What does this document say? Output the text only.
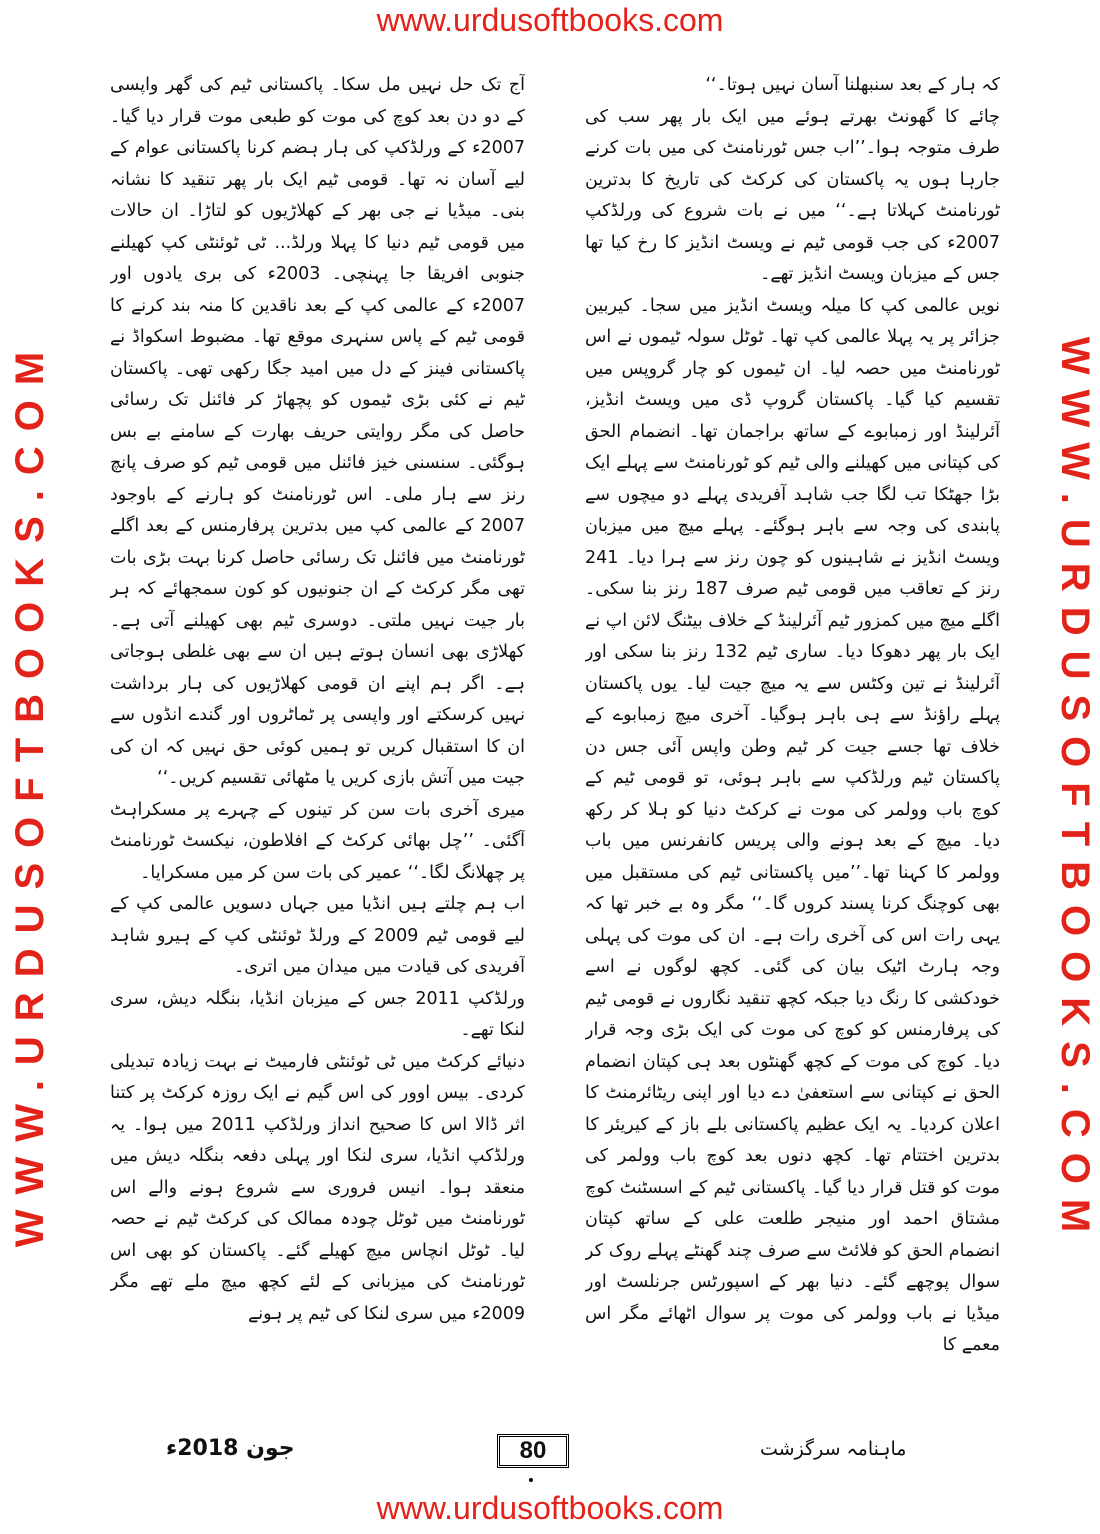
www.urdusoftbooks.com
WWW.URDUSOFTBOOKS.COM	WWW.URDUSOFTBOOKS.COM

کہ ہار کے بعد سنبھلنا آسان نہیں ہوتا۔‘‘

چائے کا گھونٹ بھرتے ہوئے میں ایک بار پھر سب کی طرف متوجہ ہوا۔’’اب جس ٹورنامنٹ کی میں بات کرنے جارہا ہوں یہ پاکستان کی کرکٹ کی تاریخ کا بدترین ٹورنامنٹ کہلاتا ہے۔‘‘ میں نے بات شروع کی ورلڈکپ 2007ء کی جب قومی ٹیم نے ویسٹ انڈیز کا رخ کیا تھا جس کے میزبان ویسٹ انڈیز تھے۔

نویں عالمی کپ کا میلہ ویسٹ انڈیز میں سجا۔ کیربین جزائر پر یہ پہلا عالمی کپ تھا۔ ٹوٹل سولہ ٹیموں نے اس ٹورنامنٹ میں حصہ لیا۔ ان ٹیموں کو چار گروپس میں تقسیم کیا گیا۔ پاکستان گروپ ڈی میں ویسٹ انڈیز، آئرلینڈ اور زمبابوے کے ساتھ براجمان تھا۔ انضمام الحق کی کپتانی میں کھیلنے والی ٹیم کو ٹورنامنٹ سے پہلے ایک بڑا جھٹکا تب لگا جب شاہد آفریدی پہلے دو میچوں سے پابندی کی وجہ سے باہر ہوگئے۔ پہلے میچ میں میزبان ویسٹ انڈیز نے شاہینوں کو چون رنز سے ہرا دیا۔ 241 رنز کے تعاقب میں قومی ٹیم صرف 187 رنز بنا سکی۔ اگلے میچ میں کمزور ٹیم آئرلینڈ کے خلاف بیٹنگ لائن اپ نے ایک بار پھر دھوکا دیا۔ ساری ٹیم 132 رنز بنا سکی اور آئرلینڈ نے تین وکٹس سے یہ میچ جیت لیا۔ یوں پاکستان پہلے راؤنڈ سے ہی باہر ہوگیا۔ آخری میچ زمبابوے کے خلاف تھا جسے جیت کر ٹیم وطن واپس آئی جس دن پاکستان ٹیم ورلڈکپ سے باہر ہوئی، تو قومی ٹیم کے کوچ باب وولمر کی موت نے کرکٹ دنیا کو ہلا کر رکھ دیا۔ میچ کے بعد ہونے والی پریس کانفرنس میں باب وولمر کا کہنا تھا۔’’میں پاکستانی ٹیم کی مستقبل میں بھی کوچنگ کرنا پسند کروں گا۔‘‘ مگر وہ بے خبر تھا کہ یہی رات اس کی آخری رات ہے۔ ان کی موت کی پہلی وجہ ہارٹ اٹیک بیان کی گئی۔ کچھ لوگوں نے اسے خودکشی کا رنگ دیا جبکہ کچھ تنقید نگاروں نے قومی ٹیم کی پرفارمنس کو کوچ کی موت کی ایک بڑی وجہ قرار دیا۔ کوچ کی موت کے کچھ گھنٹوں بعد ہی کپتان انضمام الحق نے کپتانی سے استعفیٰ دے دیا اور اپنی ریٹائرمنٹ کا اعلان کردیا۔ یہ ایک عظیم پاکستانی بلے باز کے کیریئر کا بدترین اختتام تھا۔ کچھ دنوں بعد کوچ باب وولمر کی موت کو قتل قرار دیا گیا۔ پاکستانی ٹیم کے اسسٹنٹ کوچ مشتاق احمد اور منیجر طلعت علی کے ساتھ کپتان انضمام الحق کو فلائٹ سے صرف چند گھنٹے پہلے روک کر سوال پوچھے گئے۔ دنیا بھر کے اسپورٹس جرنلسٹ اور میڈیا نے باب وولمر کی موت پر سوال اٹھائے مگر اس معمے کا

آج تک حل نہیں مل سکا۔ پاکستانی ٹیم کی گھر واپسی کے دو دن بعد کوچ کی موت کو طبعی موت قرار دیا گیا۔ 2007ء کے ورلڈکپ کی ہار ہضم کرنا پاکستانی عوام کے لیے آسان نہ تھا۔ قومی ٹیم ایک بار پھر تنقید کا نشانہ بنی۔ میڈیا نے جی بھر کے کھلاڑیوں کو لتاڑا۔ ان حالات میں قومی ٹیم دنیا کا پہلا ورلڈ... ٹی ٹوئنٹی کپ کھیلنے جنوبی افریقا جا پہنچی۔ 2003ء کی بری یادوں اور 2007ء کے عالمی کپ کے بعد ناقدین کا منہ بند کرنے کا قومی ٹیم کے پاس سنہری موقع تھا۔ مضبوط اسکواڈ نے پاکستانی فینز کے دل میں امید جگا رکھی تھی۔ پاکستان ٹیم نے کئی بڑی ٹیموں کو پچھاڑ کر فائنل تک رسائی حاصل کی مگر روایتی حریف بھارت کے سامنے بے بس ہوگئی۔ سنسنی خیز فائنل میں قومی ٹیم کو صرف پانچ رنز سے ہار ملی۔ اس ٹورنامنٹ کو ہارنے کے باوجود 2007 کے عالمی کپ میں بدترین پرفارمنس کے بعد اگلے ٹورنامنٹ میں فائنل تک رسائی حاصل کرنا بہت بڑی بات تھی مگر کرکٹ کے ان جنونیوں کو کون سمجھائے کہ ہر بار جیت نہیں ملتی۔ دوسری ٹیم بھی کھیلنے آتی ہے۔ کھلاڑی بھی انسان ہوتے ہیں ان سے بھی غلطی ہوجاتی ہے۔ اگر ہم اپنے ان قومی کھلاڑیوں کی ہار برداشت نہیں کرسکتے اور واپسی پر ٹماٹروں اور گندے انڈوں سے ان کا استقبال کریں تو ہمیں کوئی حق نہیں کہ ان کی جیت میں آتش بازی کریں یا مٹھائی تقسیم کریں۔‘‘

میری آخری بات سن کر تینوں کے چہرے پر مسکراہٹ آگئی۔ ’’چل بھائی کرکٹ کے افلاطون، نیکسٹ ٹورنامنٹ پر چھلانگ لگا۔‘‘ عمیر کی بات سن کر میں مسکرایا۔

اب ہم چلتے ہیں انڈیا میں جہاں دسویں عالمی کپ کے لیے قومی ٹیم 2009 کے ورلڈ ٹوئنٹی کپ کے ہیرو شاہد آفریدی کی قیادت میں میدان میں اتری۔

ورلڈکپ 2011 جس کے میزبان انڈیا، بنگلہ دیش، سری لنکا تھے۔

دنیائے کرکٹ میں ٹی ٹوئنٹی فارمیٹ نے بہت زیادہ تبدیلی کردی۔ بیس اوور کی اس گیم نے ایک روزہ کرکٹ پر کتنا اثر ڈالا اس کا صحیح انداز ورلڈکپ 2011 میں ہوا۔ یہ ورلڈکپ انڈیا، سری لنکا اور پہلی دفعہ بنگلہ دیش میں منعقد ہوا۔ انیس فروری سے شروع ہونے والے اس ٹورنامنٹ میں ٹوٹل چودہ ممالک کی کرکٹ ٹیم نے حصہ لیا۔ ٹوٹل انچاس میچ کھیلے گئے۔ پاکستان کو بھی اس ٹورنامنٹ کی میزبانی کے لئے کچھ میچ ملے تھے مگر 2009ء میں سری لنکا کی ٹیم پر ہونے

جون 2018ء	80	ماہنامہ سرگزشت
www.urdusoftbooks.com
